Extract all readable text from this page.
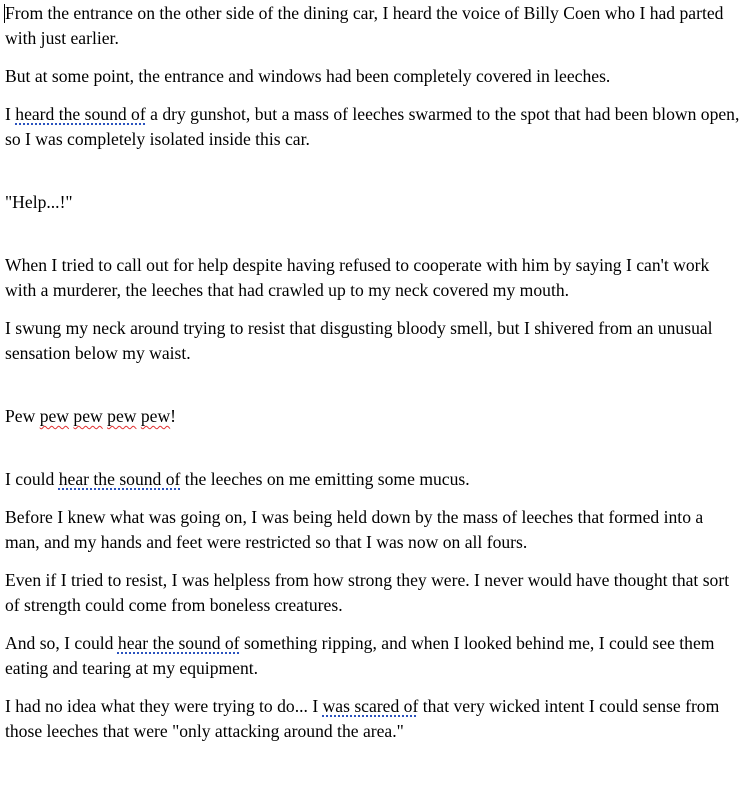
From the entrance on the other side of the dining car, I heard the voice of Billy Coen who I had parted with just earlier.

But at some point, the entrance and windows had been completely covered in leeches.

I heard the sound of a dry gunshot, but a mass of leeches swarmed to the spot that had been blown open, so I was completely isolated inside this car.

"Help...!"

When I tried to call out for help despite having refused to cooperate with him by saying I can't work with a murderer, the leeches that had crawled up to my neck covered my mouth.

I swung my neck around trying to resist that disgusting bloody smell, but I shivered from an unusual sensation below my waist.

Pew pew pew pew pew!

I could hear the sound of the leeches on me emitting some mucus.

Before I knew what was going on, I was being held down by the mass of leeches that formed into a man, and my hands and feet were restricted so that I was now on all fours.

Even if I tried to resist, I was helpless from how strong they were. I never would have thought that sort of strength could come from boneless creatures.

And so, I could hear the sound of something ripping, and when I looked behind me, I could see them eating and tearing at my equipment.

I had no idea what they were trying to do... I was scared of that very wicked intent I could sense from those leeches that were "only attacking around the area."
